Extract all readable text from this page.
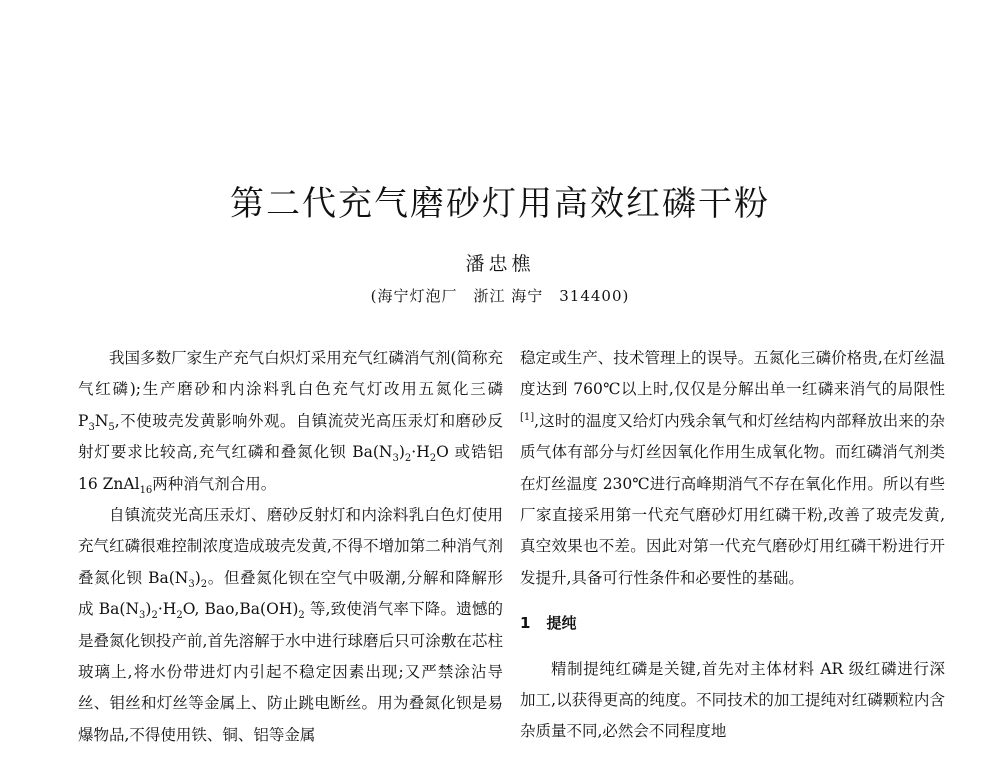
第二代充气磨砂灯用高效红磷干粉
潘忠樵
(海宁灯泡厂　浙江 海宁　314400)

我国多数厂家生产充气白炽灯采用充气红磷消气剂(简称充气红磷);生产磨砂和内涂料乳白色充气灯改用五氮化三磷 $P_3N_5$,不使玻壳发黄影响外观。自镇流荧光高压汞灯和磨砂反射灯要求比较高,充气红磷和叠氮化钡 $Ba(N_3)_2\cdot H_2O$ 或锆铝 16 ZnAl$_{16}$两种消气剂合用。

自镇流荧光高压汞灯、磨砂反射灯和内涂料乳白色灯使用充气红磷很难控制浓度造成玻壳发黄,不得不增加第二种消气剂叠氮化钡 $Ba(N_3)_2$。但叠氮化钡在空气中吸潮,分解和降解形成 $Ba(N_3)_2\cdot H_2O$, $Bao,Ba(OH)_2$ 等,致使消气率下降。遗憾的是叠氮化钡投产前,首先溶解于水中进行球磨后只可涂敷在芯柱玻璃上,将水份带进灯内引起不稳定因素出现;又严禁涂沾导丝、钼丝和灯丝等金属上、防止跳电断丝。用为叠氮化钡是易爆物品,不得使用铁、铜、铝等金属

稳定或生产、技术管理上的误导。五氮化三磷价格贵,在灯丝温度达到 760℃以上时,仅仅是分解出单一红磷来消气的局限性[1],这时的温度又给灯内残余氧气和灯丝结构内部释放出来的杂质气体有部分与灯丝因氧化作用生成氧化物。而红磷消气剂类在灯丝温度 230℃进行高峰期消气不存在氧化作用。所以有些厂家直接采用第一代充气磨砂灯用红磷干粉,改善了玻壳发黄,真空效果也不差。因此对第一代充气磨砂灯用红磷干粉进行开发提升,具备可行性条件和必要性的基础。

1 提纯

精制提纯红磷是关键,首先对主体材料 AR 级红磷进行深加工,以获得更高的纯度。不同技术的加工提纯对红磷颗粒内含杂质量不同,必然会不同程度地
